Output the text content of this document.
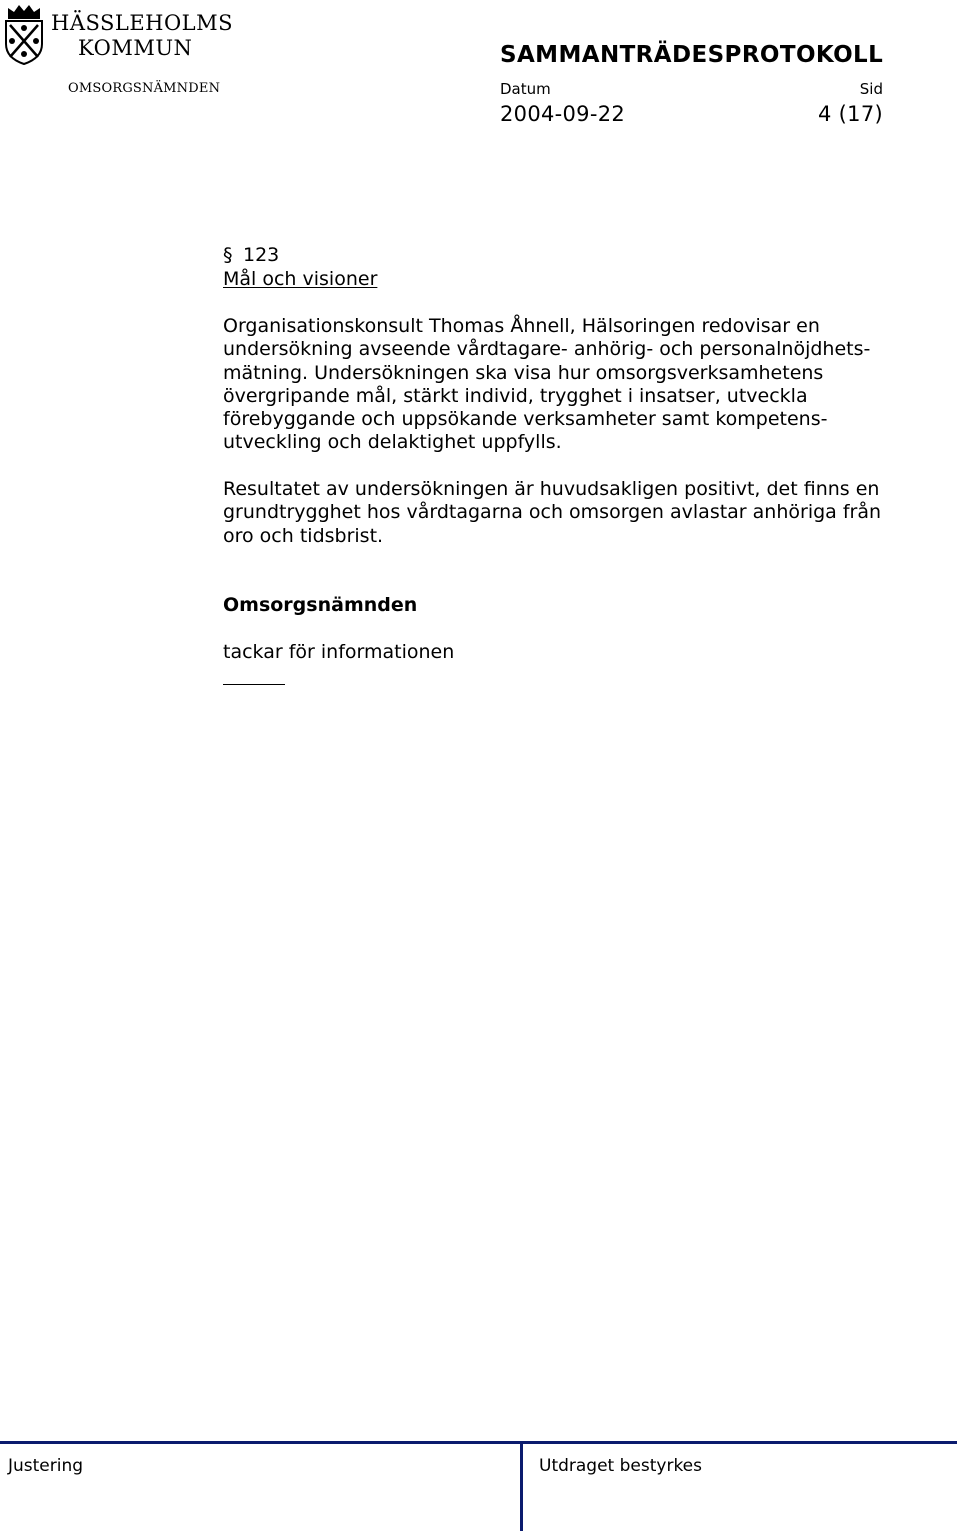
HÄSSLEHOLMS
KOMMUN	SAMMANTRÄDESPROTOKOLL
OMSORGSNÄMNDEN	Datum	Sid
2004-09-22	4 (17)
§ 123
Mål och visioner
Organisationskonsult Thomas Åhnell, Hälsoringen redovisar en
undersökning avseende vårdtagare- anhörig- och personalnöjdhets-
mätning. Undersökningen ska visa hur omsorgsverksamhetens
övergripande mål, stärkt individ, trygghet i insatser, utveckla
förebyggande och uppsökande verksamheter samt kompetens-
utveckling och delaktighet uppfylls.
Resultatet av undersökningen är huvudsakligen positivt, det finns en
grundtrygghet hos vårdtagarna och omsorgen avlastar anhöriga från
oro och tidsbrist.
Omsorgsnämnden
tackar för informationen
Justering	Utdraget bestyrkes
